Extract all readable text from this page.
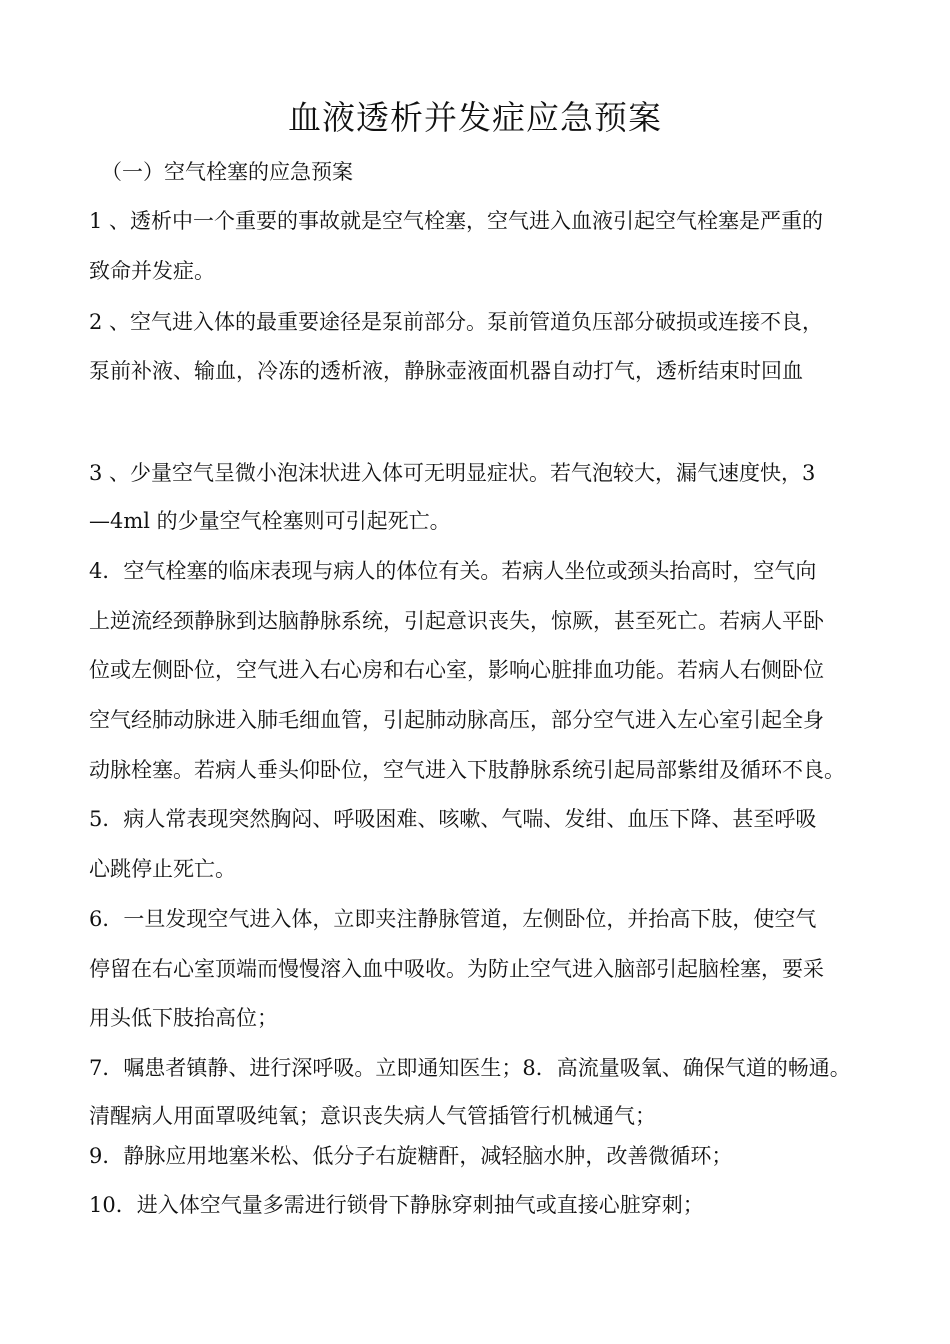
血液透析并发症应急预案
（一）空气栓塞的应急预案
1 、透析中一个重要的事故就是空气栓塞，空气进入血液引起空气栓塞是严重的
致命并发症。
2 、空气进入体的最重要途径是泵前部分。泵前管道负压部分破损或连接不良，
泵前补液、输血，冷冻的透析液，静脉壶液面机器自动打气，透析结束时回血
3 、少量空气呈微小泡沫状进入体可无明显症状。若气泡较大，漏气速度快，3
—4ml 的少量空气栓塞则可引起死亡。
4．空气栓塞的临床表现与病人的体位有关。若病人坐位或颈头抬高时，空气向
上逆流经颈静脉到达脑静脉系统，引起意识丧失，惊厥，甚至死亡。若病人平卧
位或左侧卧位，空气进入右心房和右心室，影响心脏排血功能。若病人右侧卧位
空气经肺动脉进入肺毛细血管，引起肺动脉高压，部分空气进入左心室引起全身
动脉栓塞。若病人垂头仰卧位，空气进入下肢静脉系统引起局部紫绀及循环不良。
5．病人常表现突然胸闷、呼吸困难、咳嗽、气喘、发绀、血压下降、甚至呼吸
心跳停止死亡。
6．一旦发现空气进入体，立即夹注静脉管道，左侧卧位，并抬高下肢，使空气
停留在右心室顶端而慢慢溶入血中吸收。为防止空气进入脑部引起脑栓塞，要采
用头低下肢抬高位；
7．嘱患者镇静、进行深呼吸。立即通知医生；8．高流量吸氧、确保气道的畅通。
清醒病人用面罩吸纯氧；意识丧失病人气管插管行机械通气；
9．静脉应用地塞米松、低分子右旋糖酐，减轻脑水肿，改善微循环；
10．进入体空气量多需进行锁骨下静脉穿刺抽气或直接心脏穿刺；
